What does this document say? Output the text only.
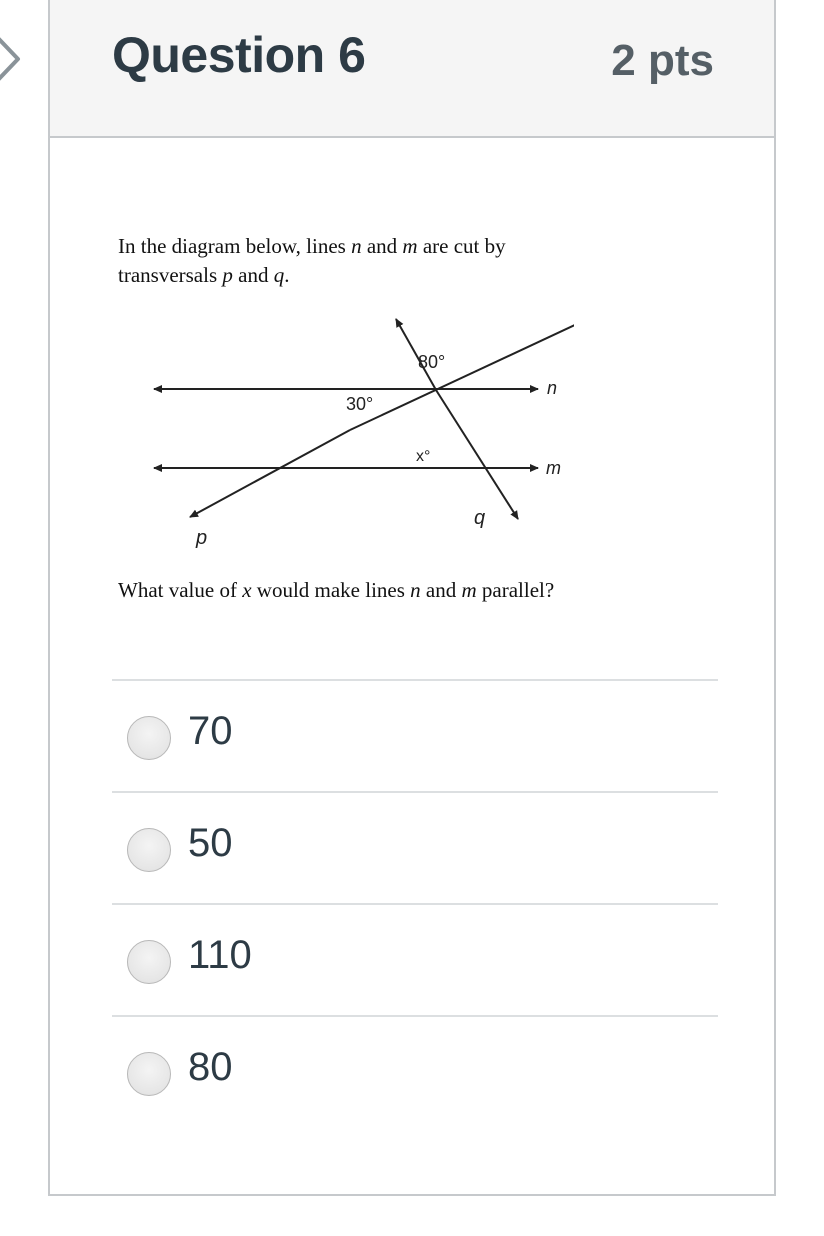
Question 6	2 pts
In the diagram below, lines n and m are cut by transversals p and q.
80°
30°
x°
n
m
p
q
What value of x would make lines n and m parallel?
70
50
110
80
